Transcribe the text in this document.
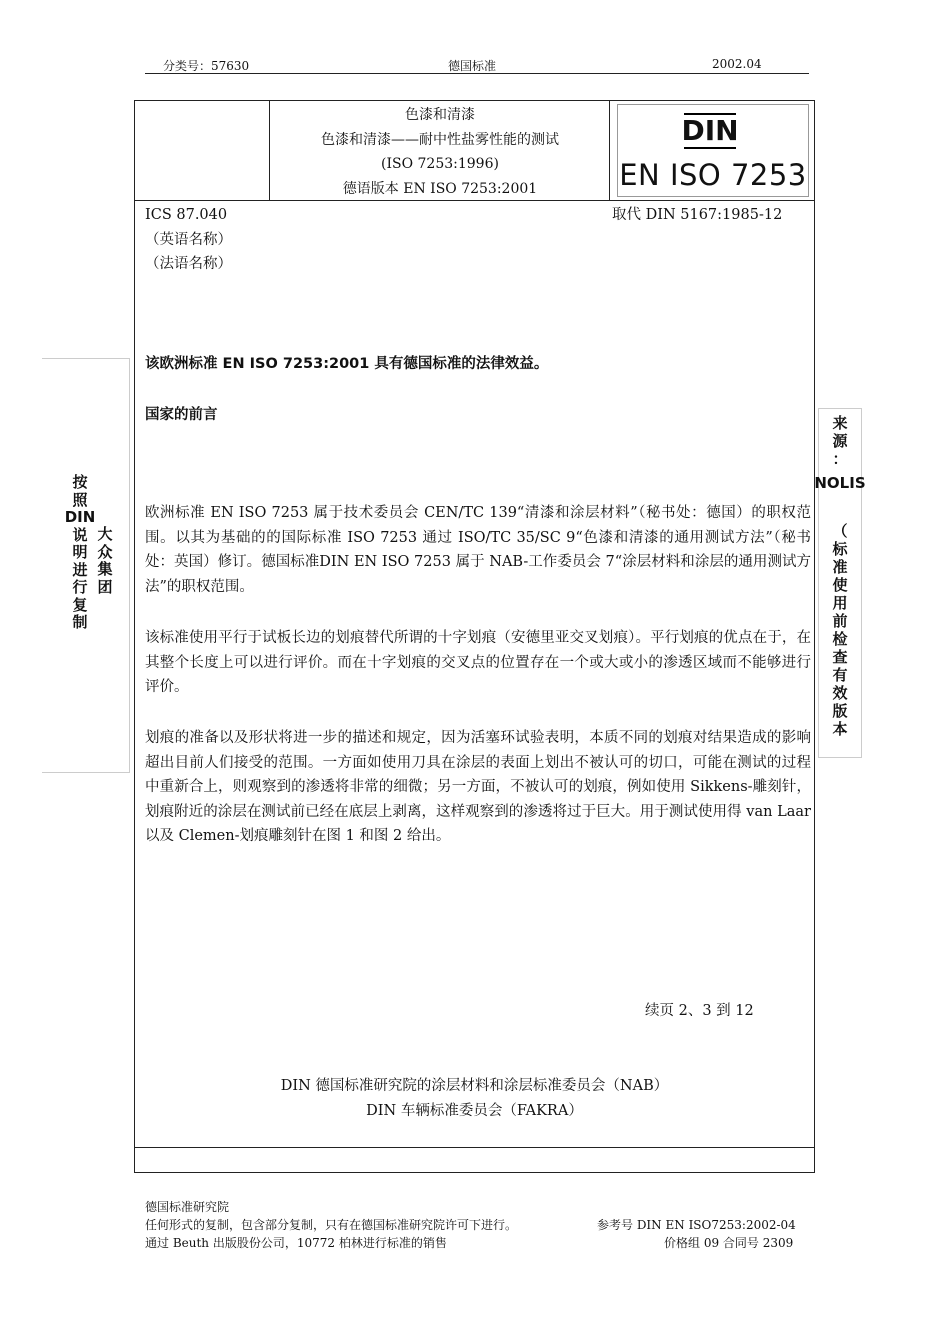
分类号：57630	德国标准	2002.04
色漆和清漆
色漆和清漆——耐中性盐雾性能的测试
(ISO 7253:1996)
德语版本 EN ISO 7253:2001
DIN
EN ISO 7253
ICS 87.040	取代 DIN 5167:1985-12
（英语名称）
（法语名称）
该欧洲标准 EN ISO 7253:2001 具有德国标准的法律效益。
国家的前言
欧洲标准 EN ISO 7253 属于技术委员会 CEN/TC 139“清漆和涂层材料”（秘书处：德国）的职权范围。以其为基础的的国际标准 ISO 7253 通过 ISO/TC 35/SC 9“色漆和清漆的通用测试方法”（秘书处：英国）修订。德国标准DIN EN ISO 7253 属于 NAB-工作委员会 7“涂层材料和涂层的通用测试方法”的职权范围。
该标准使用平行于试板长边的划痕替代所谓的十字划痕（安德里亚交叉划痕）。平行划痕的优点在于，在其整个长度上可以进行评价。而在十字划痕的交叉点的位置存在一个或大或小的渗透区域而不能够进行评价。
划痕的准备以及形状将进一步的描述和规定，因为活塞环试验表明，本质不同的划痕对结果造成的影响超出目前人们接受的范围。一方面如使用刀具在涂层的表面上划出不被认可的切口，可能在测试的过程中重新合上，则观察到的渗透将非常的细微；另一方面，不被认可的划痕，例如使用 Sikkens-雕刻针，划痕附近的涂层在测试前已经在底层上剥离，这样观察到的渗透将过于巨大。用于测试使用得 van Laar 以及 Clemen-划痕雕刻针在图 1 和图 2 给出。
续页 2、3 到 12
DIN 德国标准研究院的涂层材料和涂层标准委员会（NAB）
DIN 车辆标准委员会（FAKRA）
德国标准研究院
任何形式的复制，包含部分复制，只有在德国标准研究院许可下进行。	参考号 DIN EN ISO7253:2002-04
通过 Beuth 出版股份公司，10772 柏林进行标准的销售	价格组 09 合同号 2309
按
照
DIN
说
明
进
行
复
制
大
众
集
团
来
源
：
NOLIS
（
标
准
使
用
前
检
查
有
效
版
本
